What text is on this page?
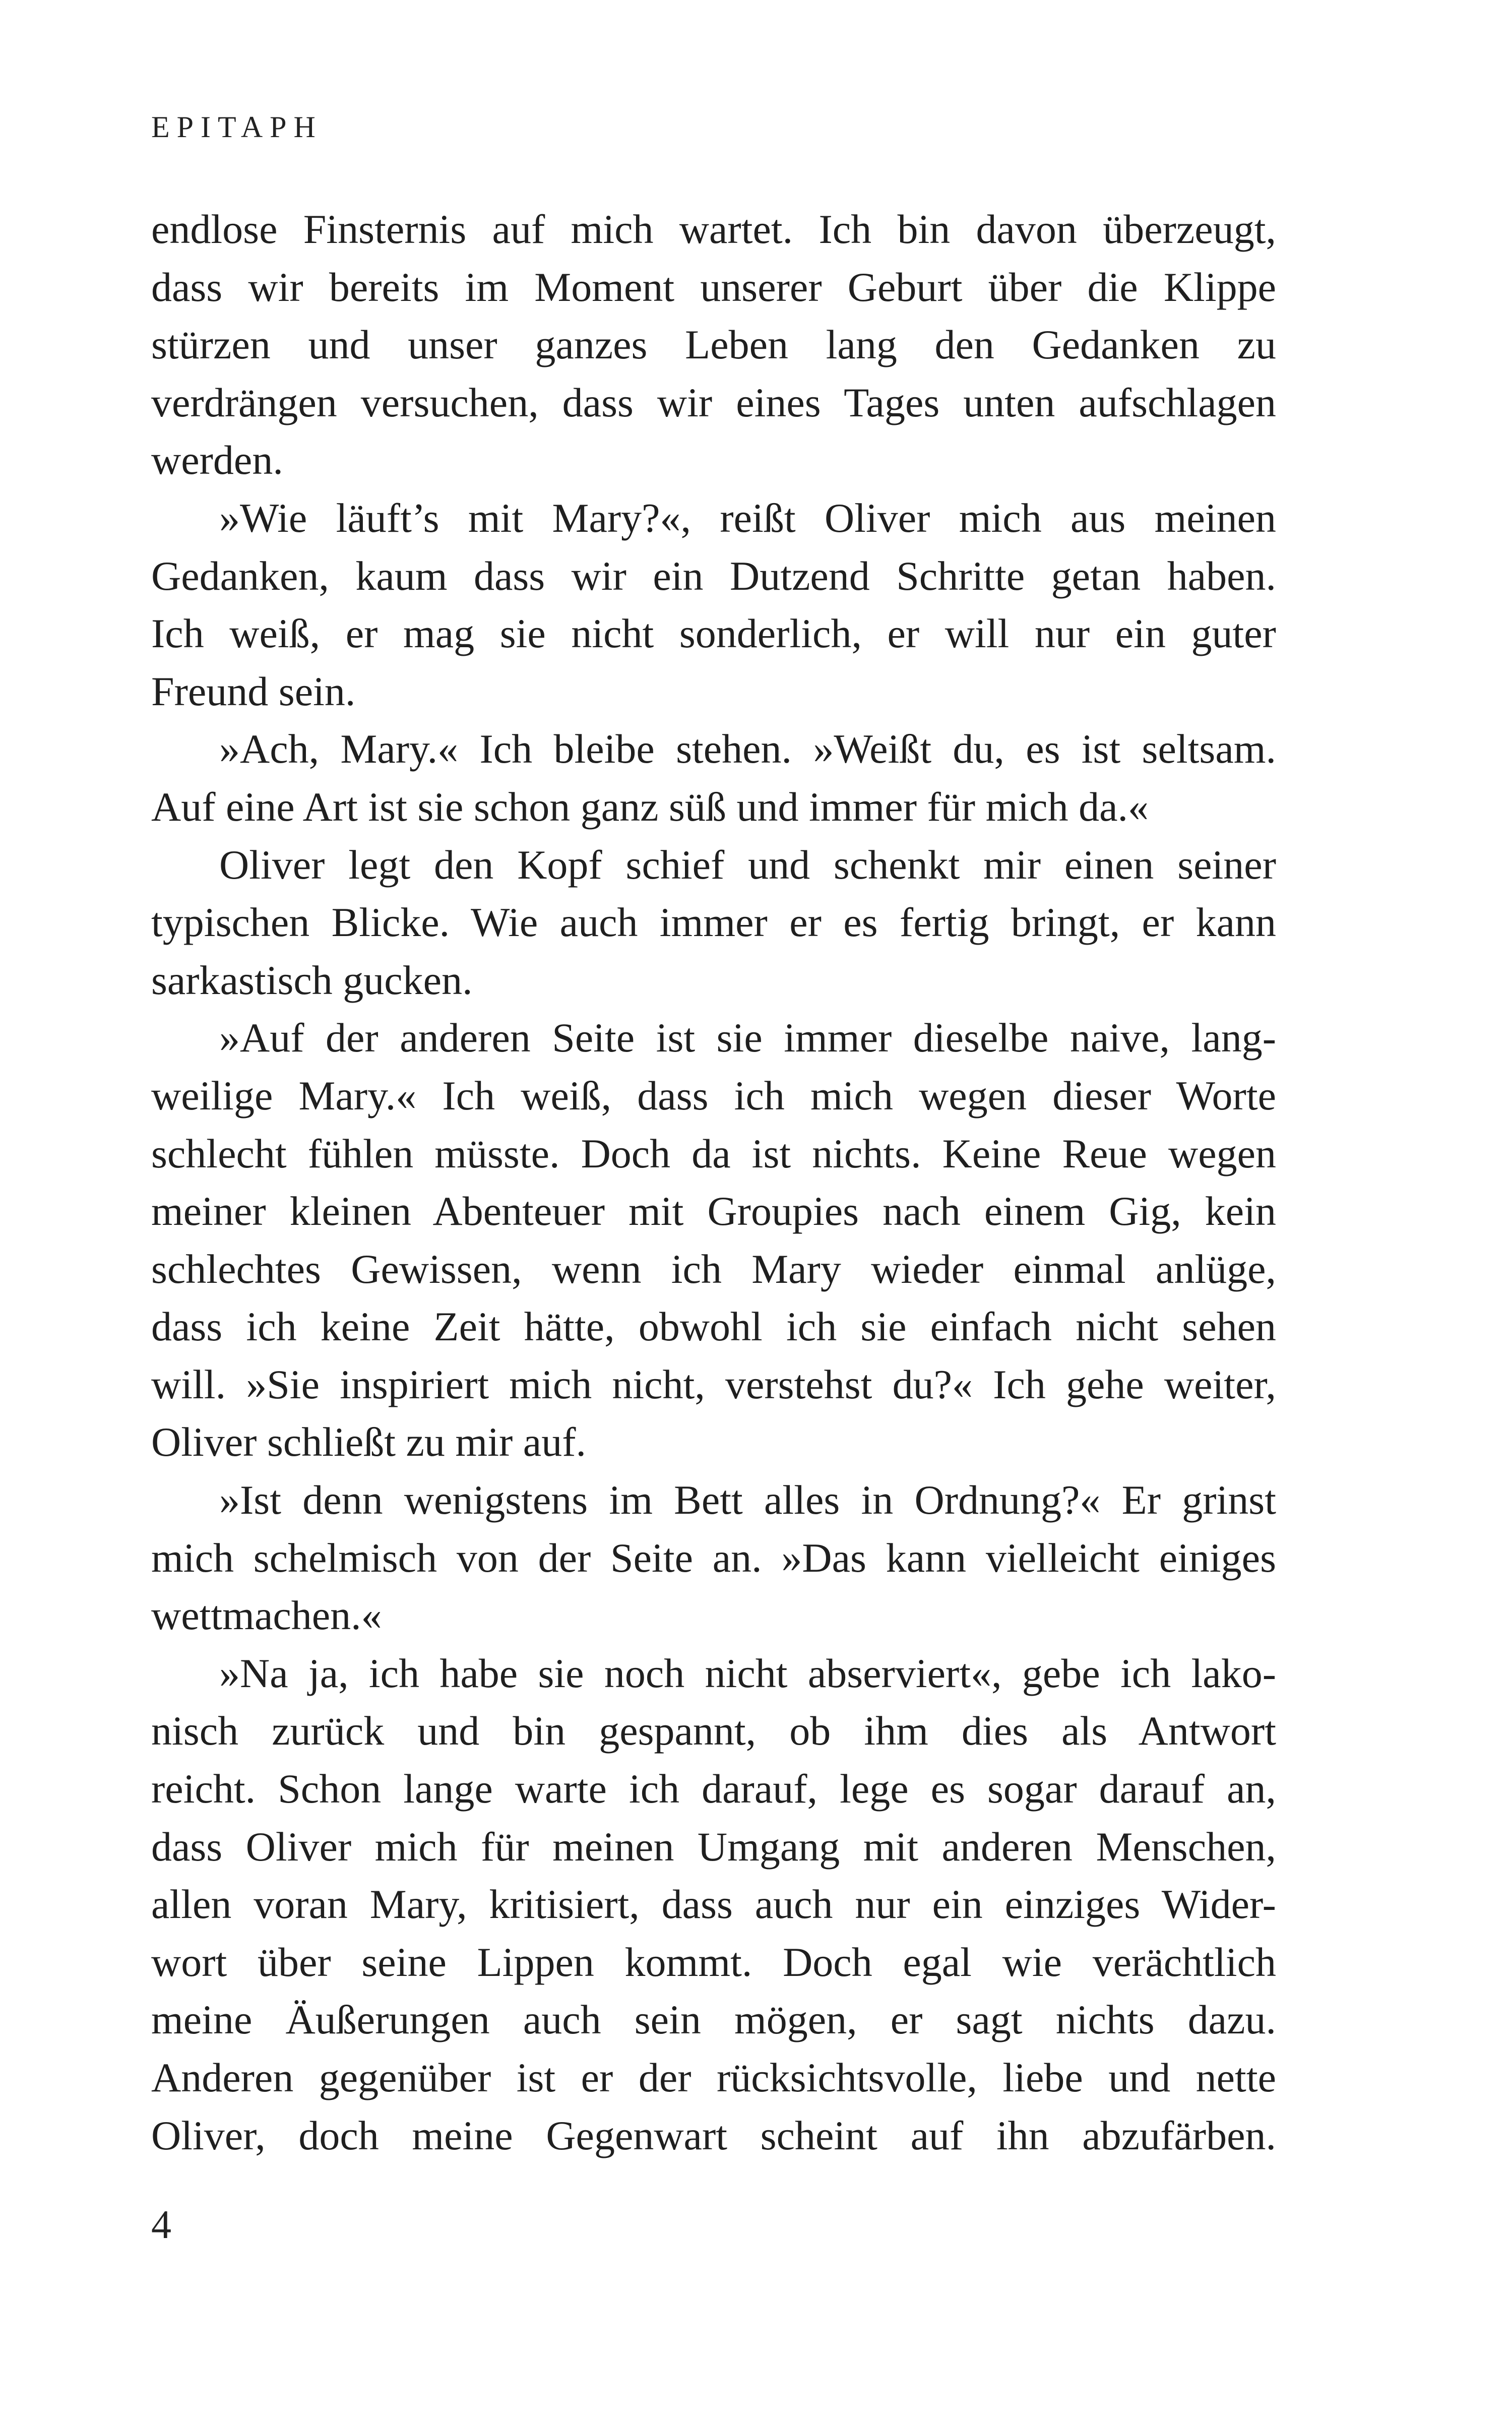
EPITAPH
endlose Finsternis auf mich wartet. Ich bin davon überzeugt,
dass wir bereits im Moment unserer Geburt über die Klippe
stürzen und unser ganzes Leben lang den Gedanken zu
verdrängen versuchen, dass wir eines Tages unten aufschlagen
werden.
»Wie läuft’s mit Mary?«, reißt Oliver mich aus meinen
Gedanken, kaum dass wir ein Dutzend Schritte getan haben.
Ich weiß, er mag sie nicht sonderlich, er will nur ein guter
Freund sein.
»Ach, Mary.« Ich bleibe stehen. »Weißt du, es ist seltsam.
Auf eine Art ist sie schon ganz süß und immer für mich da.«
Oliver legt den Kopf schief und schenkt mir einen seiner
typischen Blicke. Wie auch immer er es fertig bringt, er kann
sarkastisch gucken.
»Auf der anderen Seite ist sie immer dieselbe naive, lang-
weilige Mary.« Ich weiß, dass ich mich wegen dieser Worte
schlecht fühlen müsste. Doch da ist nichts. Keine Reue wegen
meiner kleinen Abenteuer mit Groupies nach einem Gig, kein
schlechtes Gewissen, wenn ich Mary wieder einmal anlüge,
dass ich keine Zeit hätte, obwohl ich sie einfach nicht sehen
will. »Sie inspiriert mich nicht, verstehst du?« Ich gehe weiter,
Oliver schließt zu mir auf.
»Ist denn wenigstens im Bett alles in Ordnung?« Er grinst
mich schelmisch von der Seite an. »Das kann vielleicht einiges
wettmachen.«
»Na ja, ich habe sie noch nicht abserviert«, gebe ich lako-
nisch zurück und bin gespannt, ob ihm dies als Antwort
reicht. Schon lange warte ich darauf, lege es sogar darauf an,
dass Oliver mich für meinen Umgang mit anderen Menschen,
allen voran Mary, kritisiert, dass auch nur ein einziges Wider-
wort über seine Lippen kommt. Doch egal wie verächtlich
meine Äußerungen auch sein mögen, er sagt nichts dazu.
Anderen gegenüber ist er der rücksichtsvolle, liebe und nette
Oliver, doch meine Gegenwart scheint auf ihn abzufärben.
4
